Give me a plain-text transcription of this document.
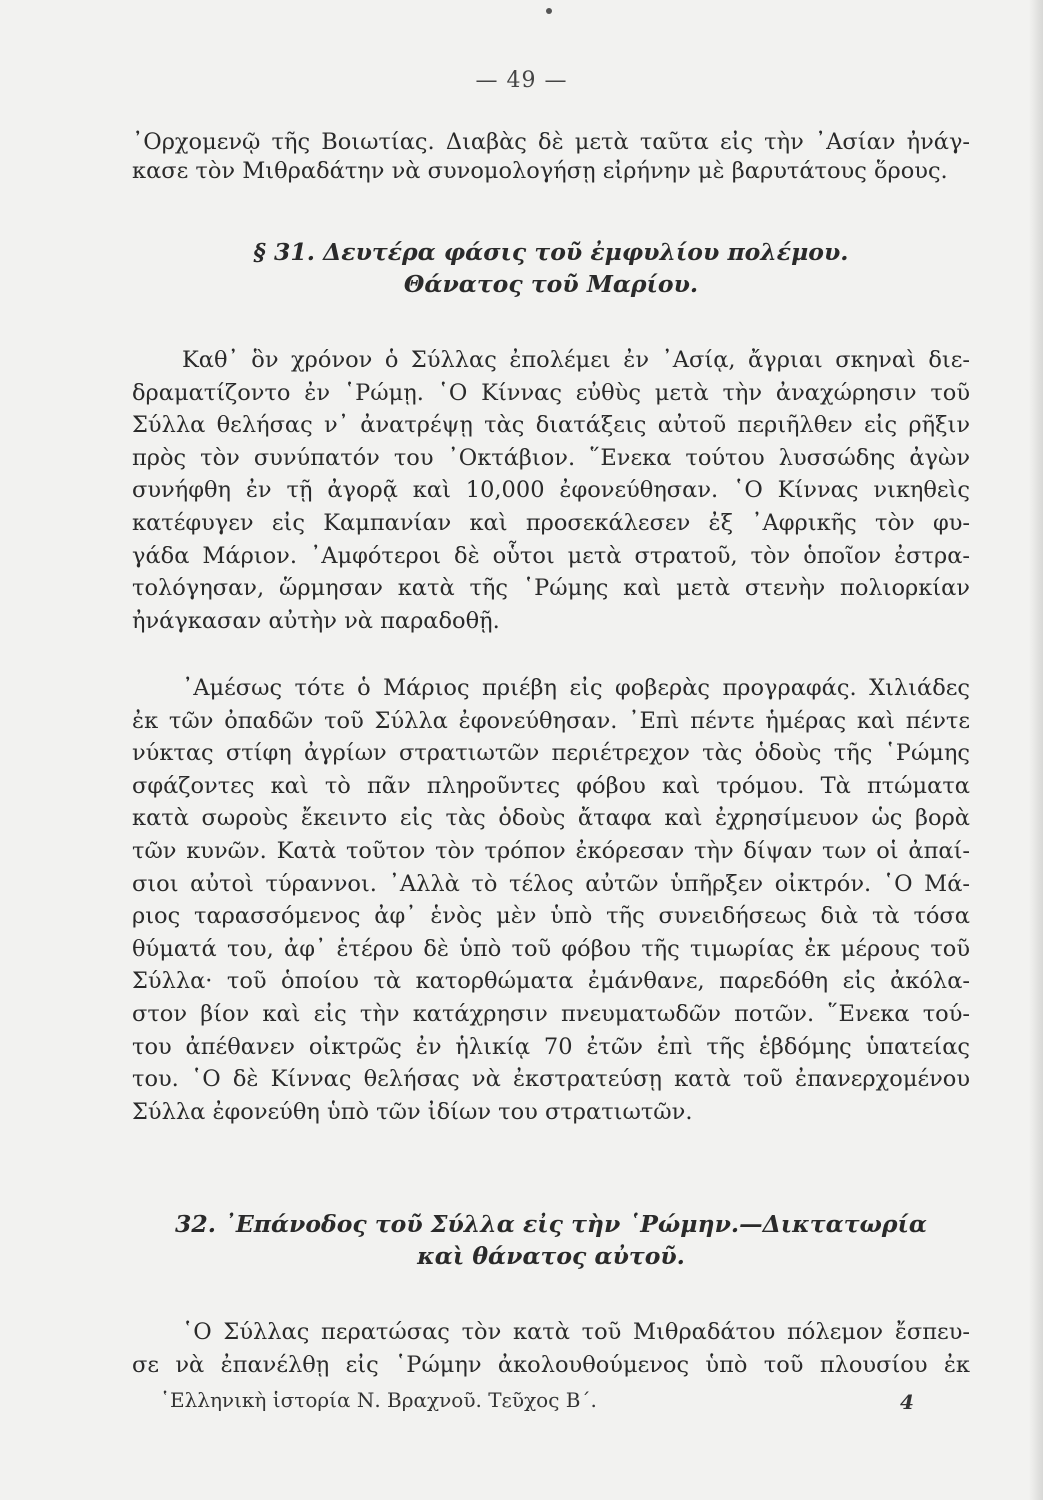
— 49 —
᾿Ορχομενῷ τῆς Βοιωτίας. Διαβὰς δὲ μετὰ ταῦτα εἰς τὴν ᾿Ασίαν ἠνάγ-
κασε τὸν Μιθραδάτην νὰ συνομολογήσῃ εἰρήνην μὲ βαρυτάτους ὅρους.
§ 31. Δευτέρα φάσις τοῦ ἐμφυλίου πολέμου.
Θάνατος τοῦ Μαρίου.
Καθ᾿ ὃν χρόνον ὁ Σύλλας ἐπολέμει ἐν ᾿Ασίᾳ, ἄγριαι σκηναὶ διε-
δραματίζοντο ἐν ῾Ρώμῃ. ῾Ο Κίννας εὐθὺς μετὰ τὴν ἀναχώρησιν τοῦ
Σύλλα θελήσας ν᾿ ἀνατρέψῃ τὰς διατάξεις αὐτοῦ περιῆλθεν εἰς ρῆξιν
πρὸς τὸν συνύπατόν του ᾿Οκτάβιον. ῞Ενεκα τούτου λυσσώδης ἀγὼν
συνήφθη ἐν τῇ ἀγορᾷ καὶ 10,000 ἐφονεύθησαν. ῾Ο Κίννας νικηθεὶς
κατέφυγεν εἰς Καμπανίαν καὶ προσεκάλεσεν ἐξ ᾿Αφρικῆς τὸν φυ-
γάδα Μάριον. ᾿Αμφότεροι δὲ οὗτοι μετὰ στρατοῦ, τὸν ὁποῖον ἐστρα-
τολόγησαν, ὥρμησαν κατὰ τῆς ῾Ρώμης καὶ μετὰ στενὴν πολιορκίαν
ἠνάγκασαν αὐτὴν νὰ παραδοθῇ.
᾿Αμέσως τότε ὁ Μάριος πριέβη εἰς φοβερὰς προγραφάς. Χιλιάδες
ἐκ τῶν ὀπαδῶν τοῦ Σύλλα ἐφονεύθησαν. ᾿Επὶ πέντε ἡμέρας καὶ πέντε
νύκτας στίφη ἀγρίων στρατιωτῶν περιέτρεχον τὰς ὁδοὺς τῆς ῾Ρώμης
σφάζοντες καὶ τὸ πᾶν πληροῦντες φόβου καὶ τρόμου. Τὰ πτώματα
κατὰ σωροὺς ἔκειντο εἰς τὰς ὁδοὺς ἄταφα καὶ ἐχρησίμευον ὡς βορὰ
τῶν κυνῶν. Κατὰ τοῦτον τὸν τρόπον ἐκόρεσαν τὴν δίψαν των οἱ ἀπαί-
σιοι αὐτοὶ τύραννοι. ᾿Αλλὰ τὸ τέλος αὐτῶν ὑπῆρξεν οἰκτρόν. ῾Ο Μά-
ριος ταρασσόμενος ἀφ᾿ ἑνὸς μὲν ὑπὸ τῆς συνειδήσεως διὰ τὰ τόσα
θύματά του, ἀφ᾿ ἑτέρου δὲ ὑπὸ τοῦ φόβου τῆς τιμωρίας ἐκ μέρους τοῦ
Σύλλα· τοῦ ὁποίου τὰ κατορθώματα ἐμάνθανε, παρεδόθη εἰς ἀκόλα-
στον βίον καὶ εἰς τὴν κατάχρησιν πνευματωδῶν ποτῶν. ῞Ενεκα τού-
του ἀπέθανεν οἰκτρῶς ἐν ἡλικίᾳ 70 ἐτῶν ἐπὶ τῆς ἑβδόμης ὑπατείας
του. ῾Ο δὲ Κίννας θελήσας νὰ ἐκστρατεύσῃ κατὰ τοῦ ἐπανερχομένου
Σύλλα ἐφονεύθη ὑπὸ τῶν ἰδίων του στρατιωτῶν.
32. ᾿Επάνοδος τοῦ Σύλλα εἰς τὴν ῾Ρώμην.—Δικτατωρία
καὶ θάνατος αὐτοῦ.
῾Ο Σύλλας περατώσας τὸν κατὰ τοῦ Μιθραδάτου πόλεμον ἔσπευ-
σε νὰ ἐπανέλθῃ εἰς ῾Ρώμην ἀκολουθούμενος ὑπὸ τοῦ πλουσίου ἐκ
῾Ελληνικὴ ἱστορία Ν. Βραχνοῦ. Τεῦχος Β΄.	4
